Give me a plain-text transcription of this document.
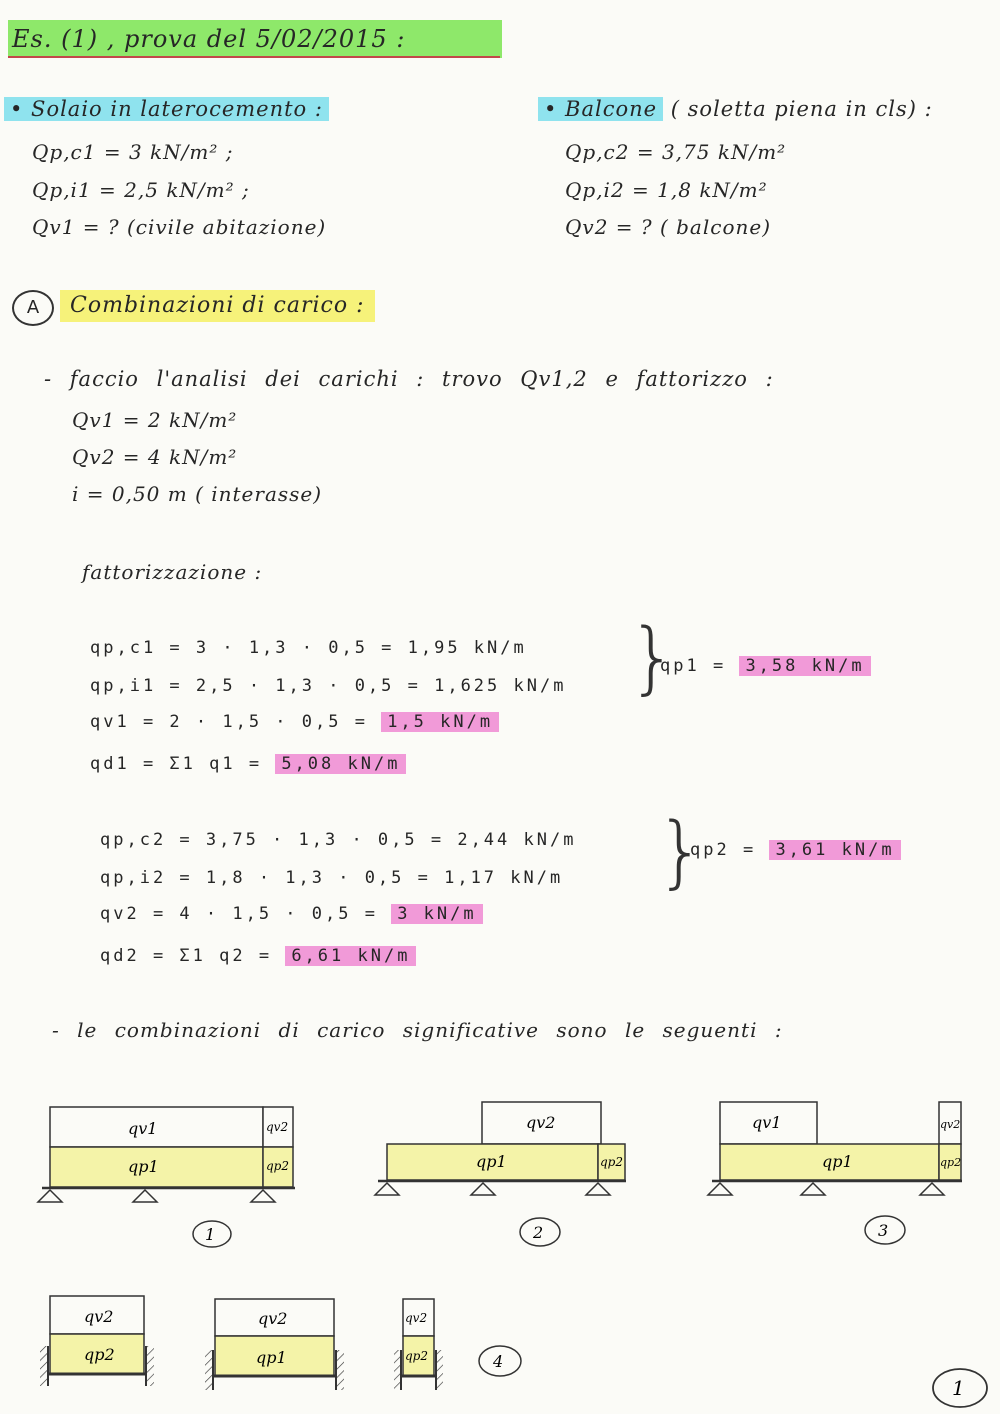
Es. (1) , prova del 5/02/2015 :
• Solaio in laterocemento :
Qp,c1 = 3 kN/m² ;
Qp,i1 = 2,5 kN/m² ;
Qv1 = ? (civile abitazione)
• Balcone ( soletta piena in cls) :
Qp,c2 = 3,75 kN/m²
Qp,i2 = 1,8 kN/m²
Qv2 = ? ( balcone)
A	Combinazioni di carico :
- faccio l'analisi dei carichi : trovo Qv1,2 e fattorizzo :
Qv1 = 2 kN/m²
Qv2 = 4 kN/m²
i = 0,50 m ( interasse)
fattorizzazione :
qp,c1 = 3 · 1,3 · 0,5 = 1,95 kN/m
qp,i1 = 2,5 · 1,3 · 0,5 = 1,625 kN/m
qv1 = 2 · 1,5 · 0,5 = 1,5 kN/m
qd1 = Σ1 q1 = 5,08 kN/m
}
qp1 = 3,58 kN/m
qp,c2 = 3,75 · 1,3 · 0,5 = 2,44 kN/m
qp,i2 = 1,8 · 1,3 · 0,5 = 1,17 kN/m
qv2 = 4 · 1,5 · 0,5 = 3 kN/m
qd2 = Σ1 q2 = 6,61 kN/m
}
qp2 = 3,61 kN/m
- le combinazioni di carico significative sono le seguenti :
qv1	qv2
qp1	qp2
qv2
qp1	qp2
qv1	qv2
qp1	qp2
1	2	3
qv2
qp2
qv2
qp1
qv2
qp2	4
1
